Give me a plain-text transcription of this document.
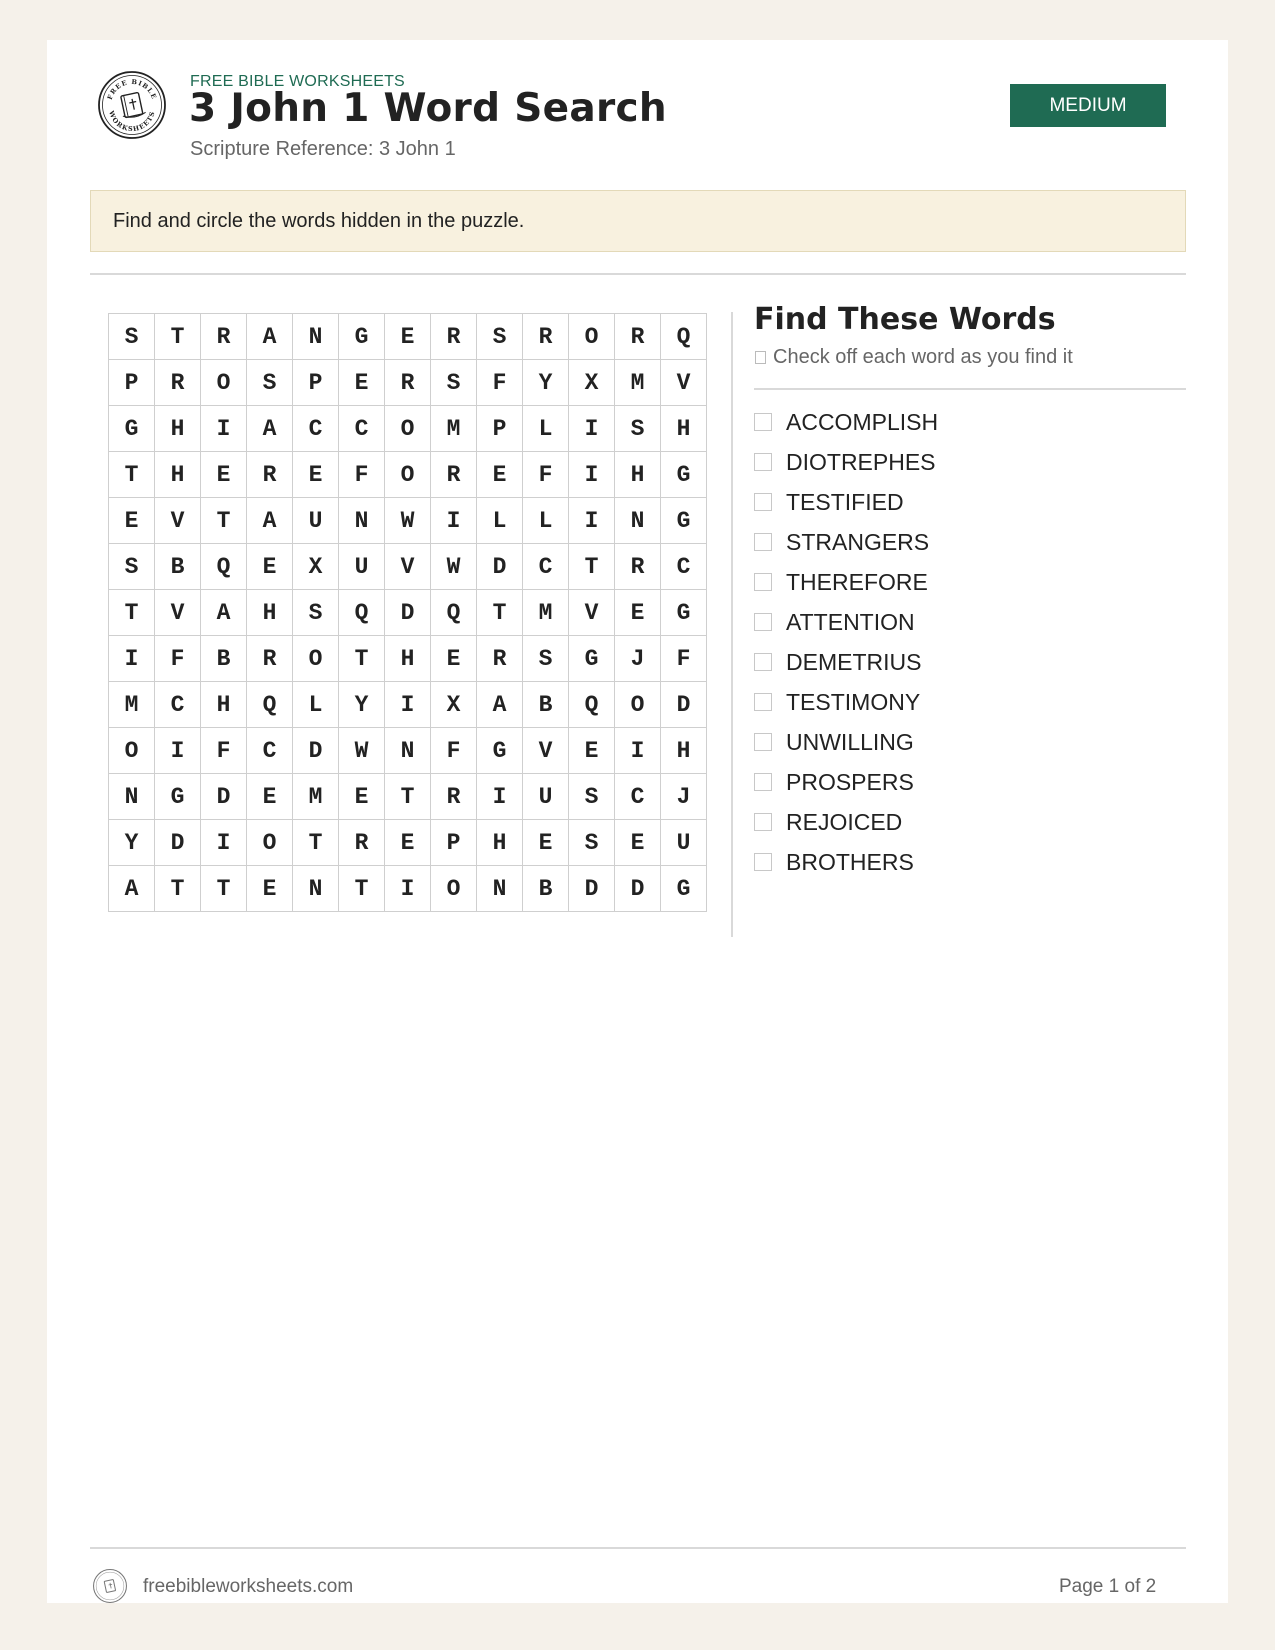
FREE BIBLE
WORKSHEETS
FREE BIBLE WORKSHEETS
3 John 1 Word Search
Scripture Reference: 3 John 1
MEDIUM
Find and circle the words hidden in the puzzle.
S	T	R	A	N	G	E	R	S	R	O	R	Q
P	R	O	S	P	E	R	S	F	Y	X	M	V
G	H	I	A	C	C	O	M	P	L	I	S	H
T	H	E	R	E	F	O	R	E	F	I	H	G
E	V	T	A	U	N	W	I	L	L	I	N	G
S	B	Q	E	X	U	V	W	D	C	T	R	C
T	V	A	H	S	Q	D	Q	T	M	V	E	G
I	F	B	R	O	T	H	E	R	S	G	J	F
M	C	H	Q	L	Y	I	X	A	B	Q	O	D
O	I	F	C	D	W	N	F	G	V	E	I	H
N	G	D	E	M	E	T	R	I	U	S	C	J
Y	D	I	O	T	R	E	P	H	E	S	E	U
A	T	T	E	N	T	I	O	N	B	D	D	G
Find These Words
Check off each word as you find it
ACCOMPLISH
DIOTREPHES
TESTIFIED
STRANGERS
THEREFORE
ATTENTION
DEMETRIUS
TESTIMONY
UNWILLING
PROSPERS
REJOICED
BROTHERS
freebibleworksheets.com	Page 1 of 2
